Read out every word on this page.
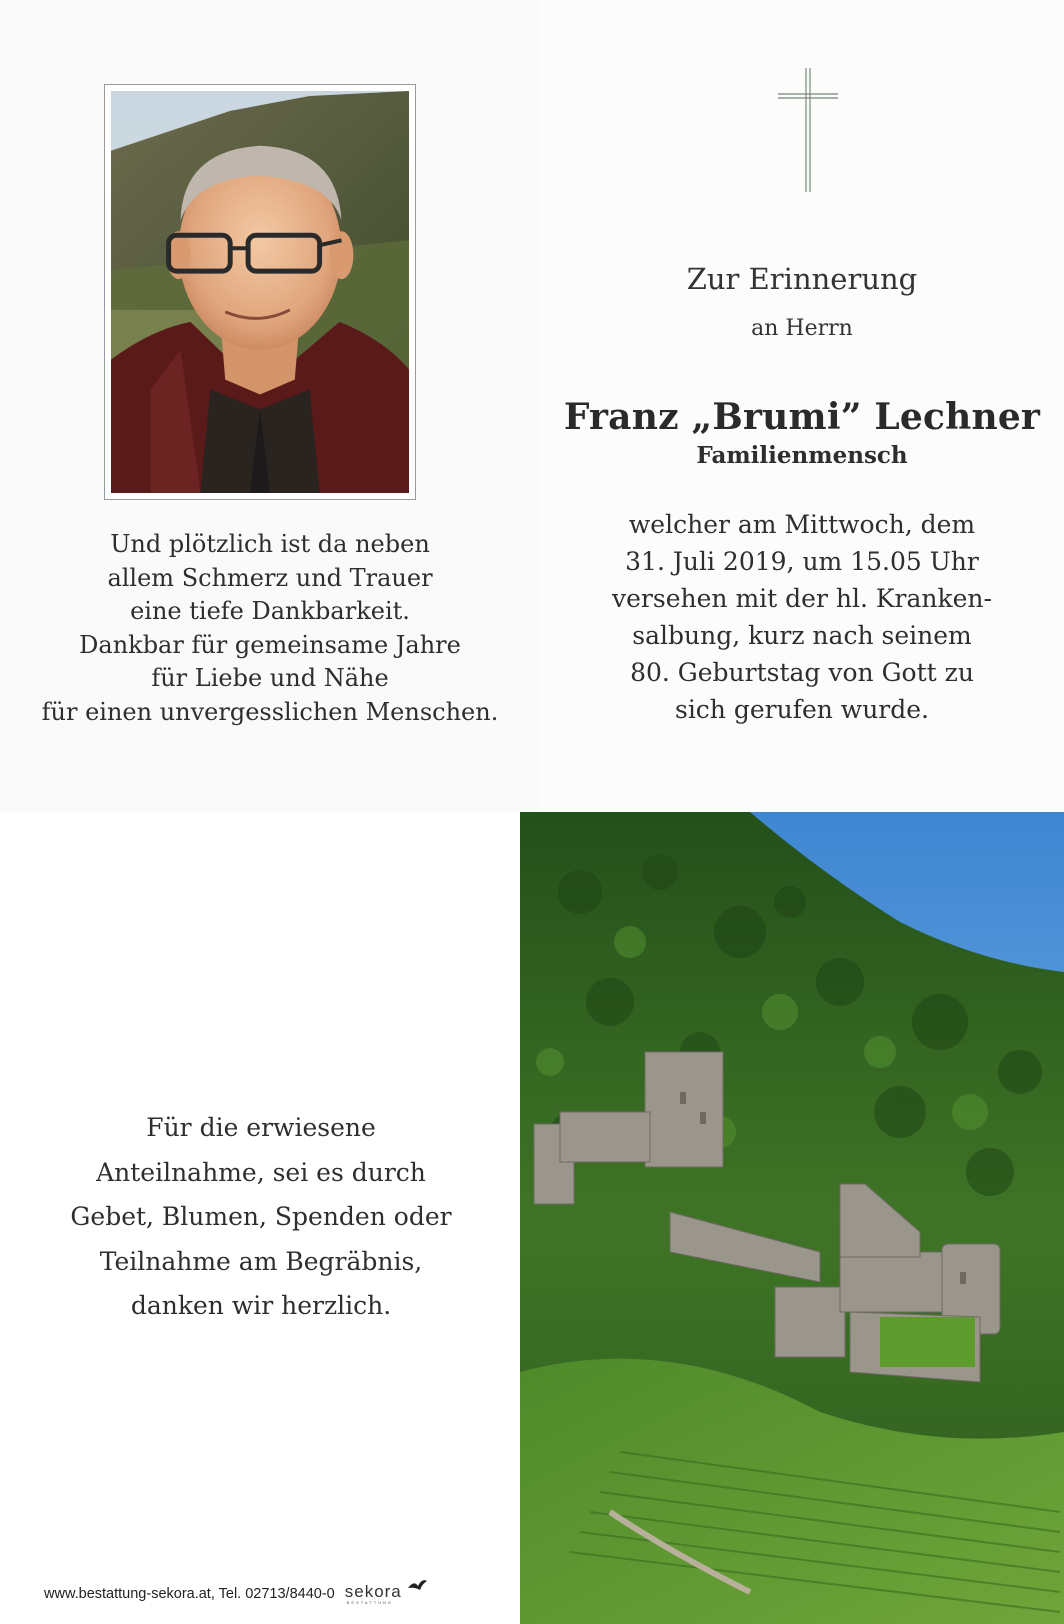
Und plötzlich ist da neben
allem Schmerz und Trauer
eine tiefe Dankbarkeit.
Dankbar für gemeinsame Jahre
für Liebe und Nähe
für einen unvergesslichen Menschen.
Zur Erinnerung
an Herrn
Franz „Brumi” Lechner
Familienmensch
welcher am Mittwoch, dem
31. Juli 2019, um 15.05 Uhr
versehen mit der hl. Kranken-
salbung, kurz nach seinem
80. Geburtstag von Gott zu
sich gerufen wurde.
Für die erwiesene
Anteilnahme, sei es durch
Gebet, Blumen, Spenden oder
Teilnahme am Begräbnis,
danken wir herzlich.
www.bestattung-sekora.at, Tel. 02713/8440-0 sekora
BESTATTUNG
